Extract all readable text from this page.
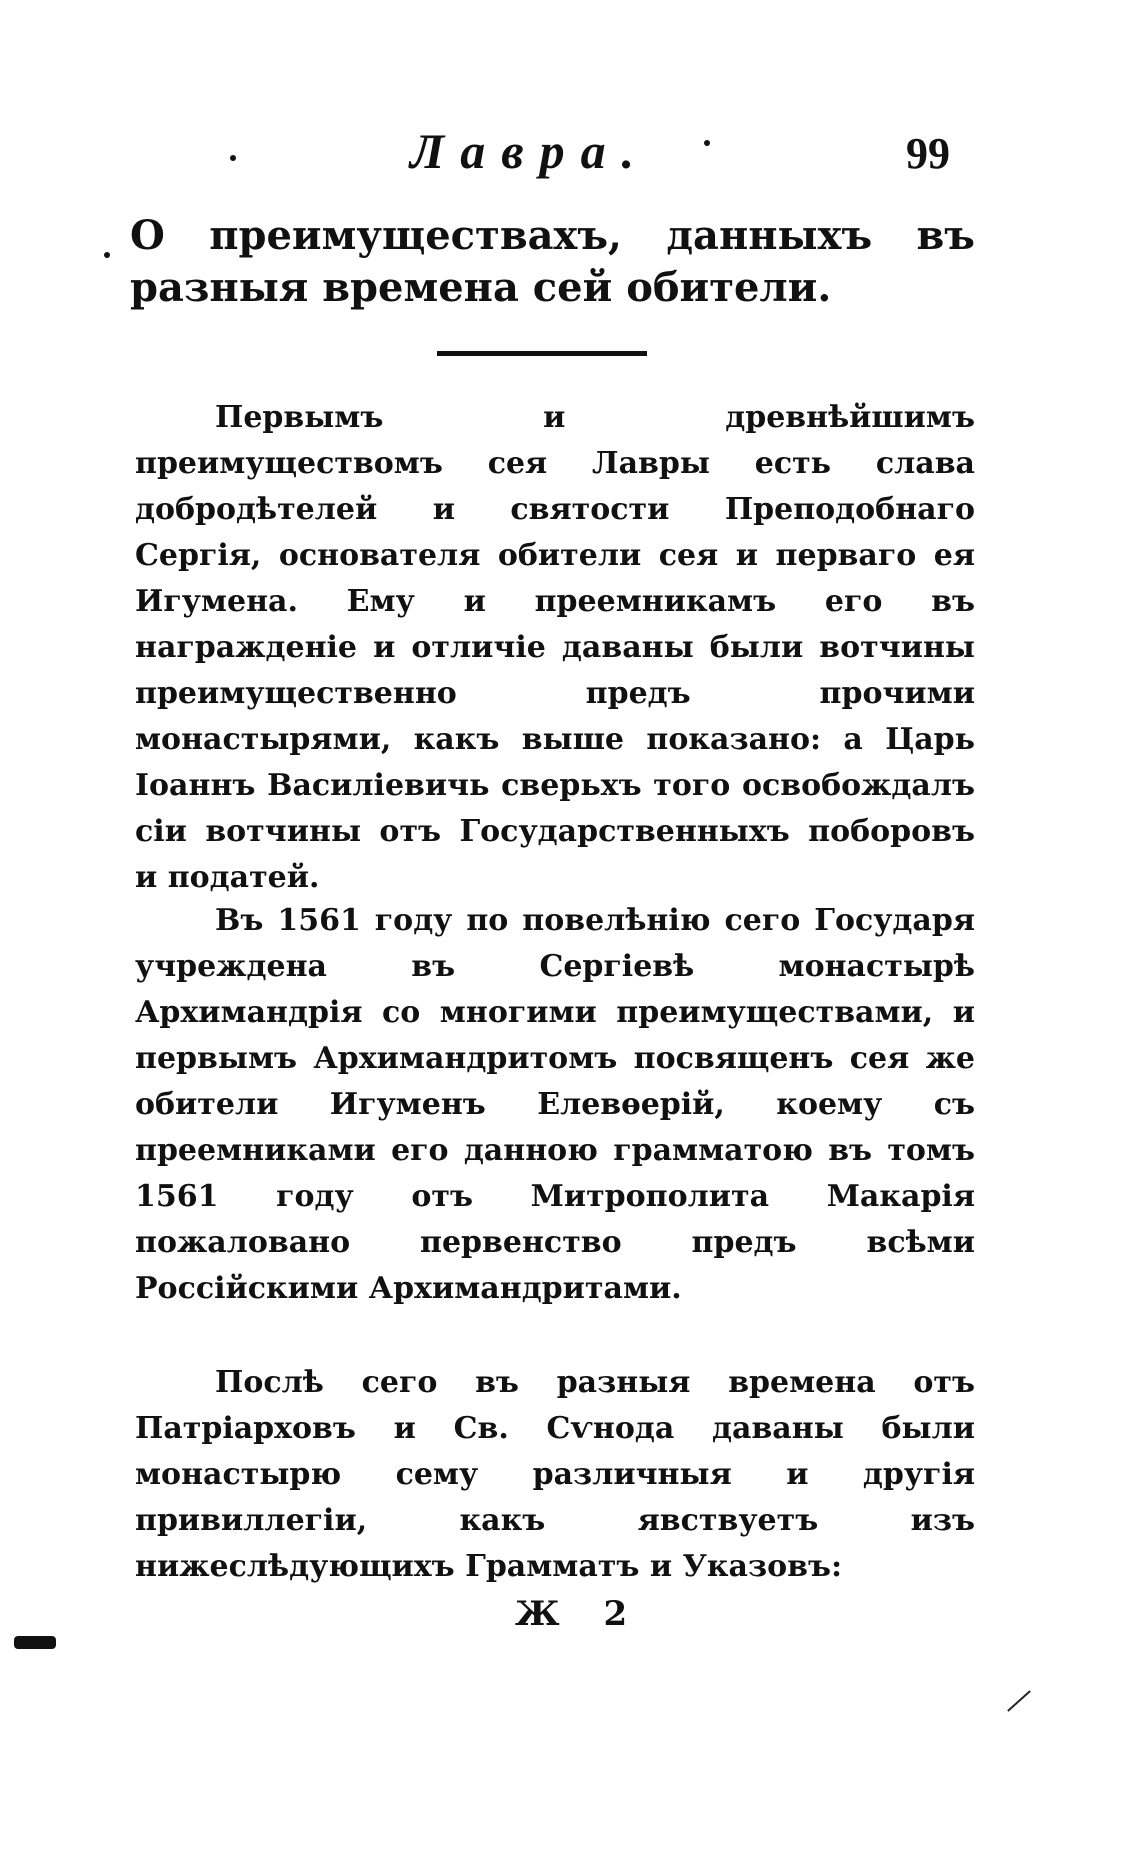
Лавра.	99
О преимуществахъ, данныхъ въ разныя времена сей обители.

Первымъ и древнѣйшимъ преимуществомъ сея Лавры есть слава добродѣтелей и святости Преподобнаго Сергія, основателя обители сея и перваго ея Игумена. Ему и преемникамъ его въ награжденіе и отличіе даваны были вотчины преимущественно предъ прочими монастырями, какъ выше показано: а Царь Іоаннъ Василіевичь сверьхъ того освобождалъ сіи вотчины отъ Государственныхъ поборовъ и податей.

Въ 1561 году по повелѣнію сего Государя учреждена въ Сергіевѣ монастырѣ Архимандрія со многими преимуществами, и первымъ Архимандритомъ посвященъ сея же обители Игуменъ Елевѳерій, коему съ преемниками его данною грамматою въ томъ 1561 году отъ Митрополита Макарія пожаловано первенство предъ всѣми Россійскими Архимандритами.

Послѣ сего въ разныя времена отъ Патріарховъ и Св. Сѵнода даваны были монастырю сему различныя и другія привиллегіи, какъ явствуетъ изъ нижеслѣдующихъ Грамматъ и Указовъ:

Ж 2
